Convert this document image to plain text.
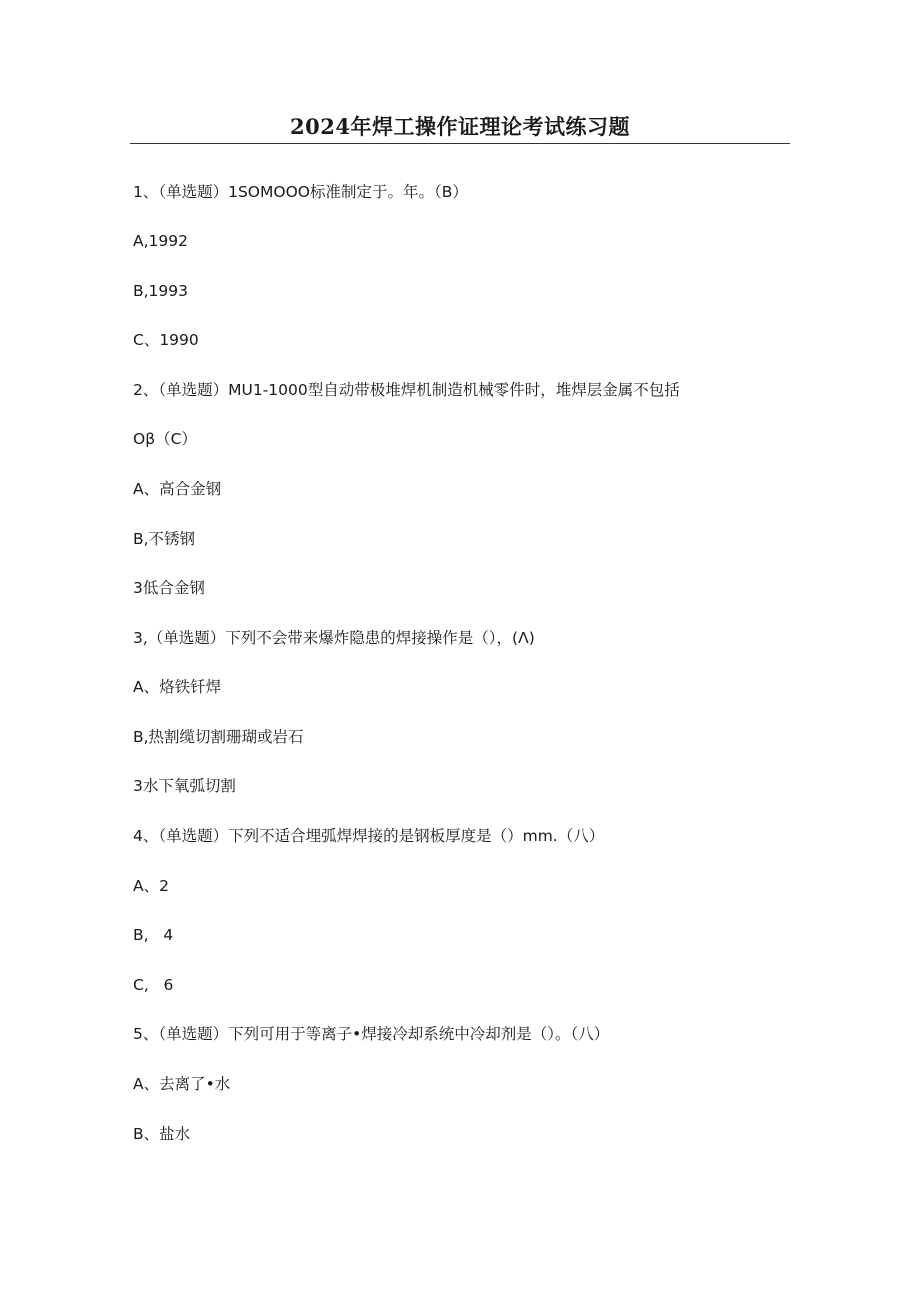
2024年焊工操作证理论考试练习题
1、（单选题）1SOMOOO标准制定于。年。（B）
A,1992
B,1993
C、1990
2、（单选题）MU1-1000型自动带极堆焊机制造机械零件时，堆焊层金属不包括
Oβ（C）
A、高合金钢
B,不锈钢
3低合金钢
3,（单选题）下列不会带来爆炸隐患的焊接操作是（），(Λ)
A、烙铁钎焊
B,热割缆切割珊瑚或岩石
3水下氧弧切割
4、（单选题）下列不适合埋弧焊焊接的是钢板厚度是（）mm.（八）
A、2
B,   4
C,   6
5、（单选题）下列可用于等离子•焊接冷却系统中冷却剂是（）。（八）
A、去离了•水
B、盐水
